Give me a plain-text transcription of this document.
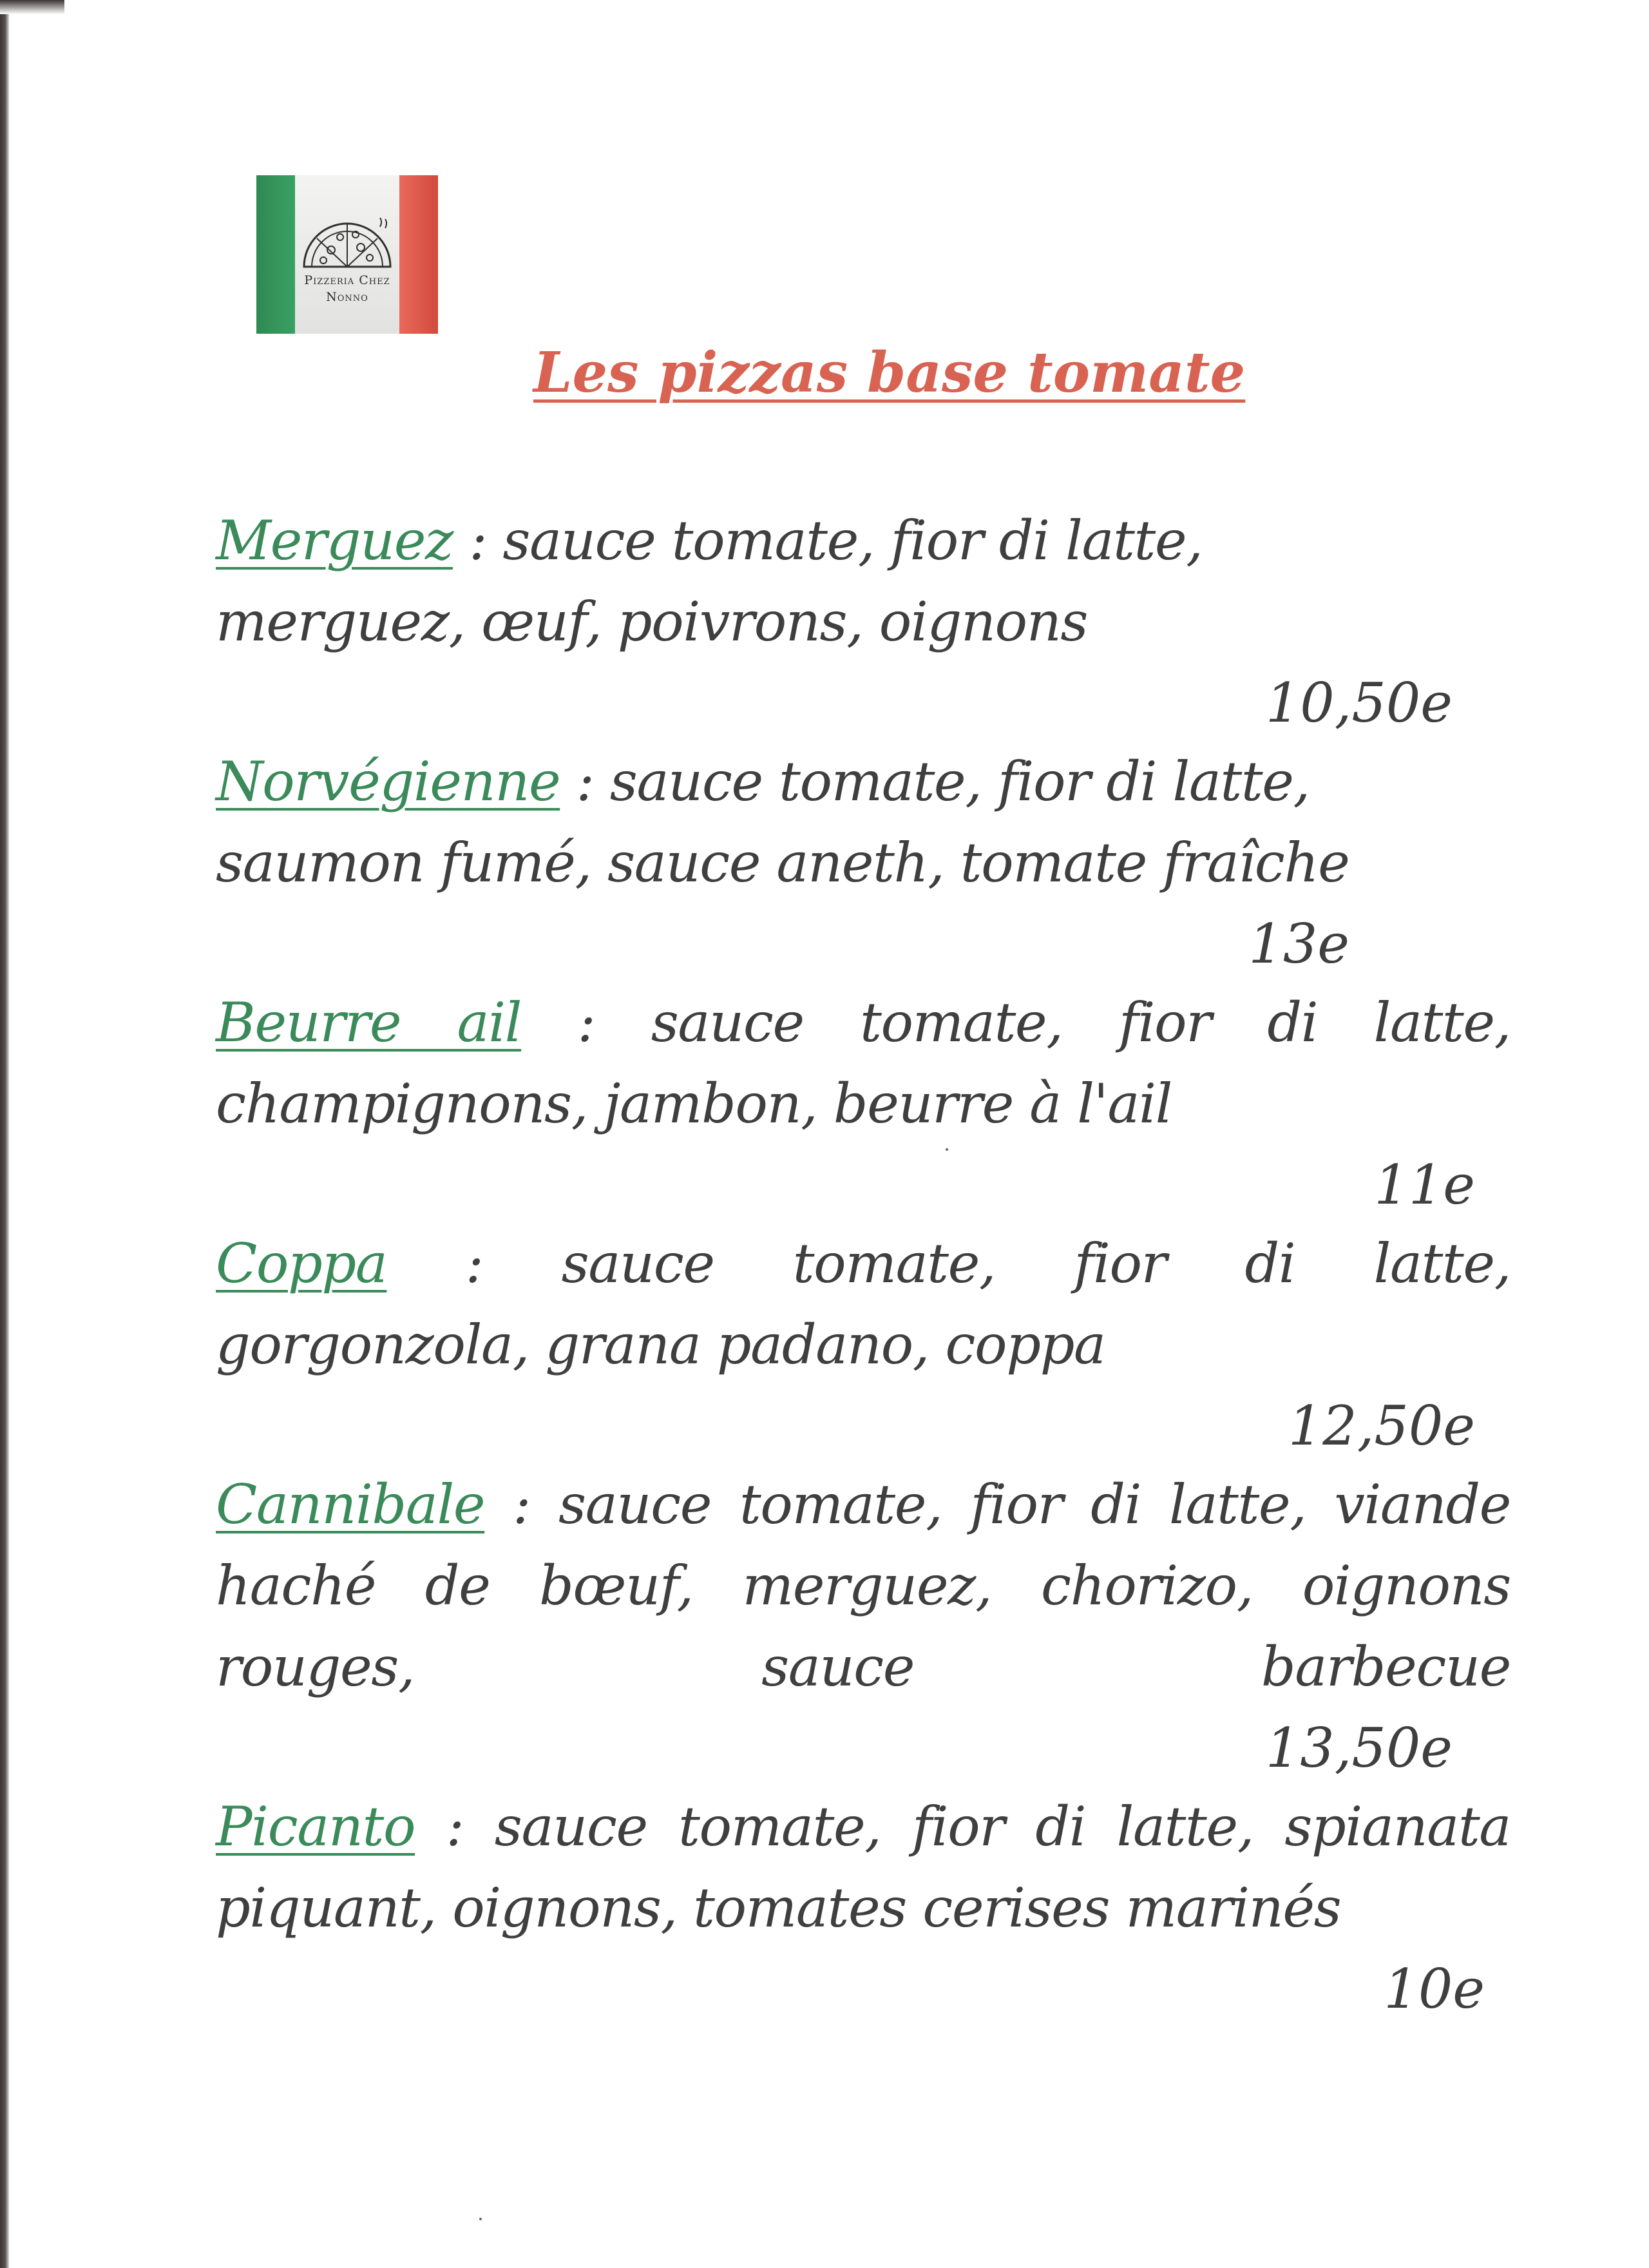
Pizzeria Chez
Nonno
Les pizzas base tomate
Merguez : sauce tomate, fior di latte,
merguez, œuf, poivrons, oignons
10,50e
Norvégienne : sauce tomate, fior di latte,
saumon fumé, sauce aneth, tomate fraîche
13e
Beurre ail : sauce tomate, fior di latte,
champignons, jambon, beurre à l'ail
11e
Coppa : sauce tomate, fior di latte,
gorgonzola, grana padano, coppa
12,50e
Cannibale : sauce tomate, fior di latte, viande
haché de bœuf, merguez, chorizo, oignons
rouges, sauce barbecue
13,50e
Picanto : sauce tomate, fior di latte, spianata
piquant, oignons, tomates cerises marinés
10e
